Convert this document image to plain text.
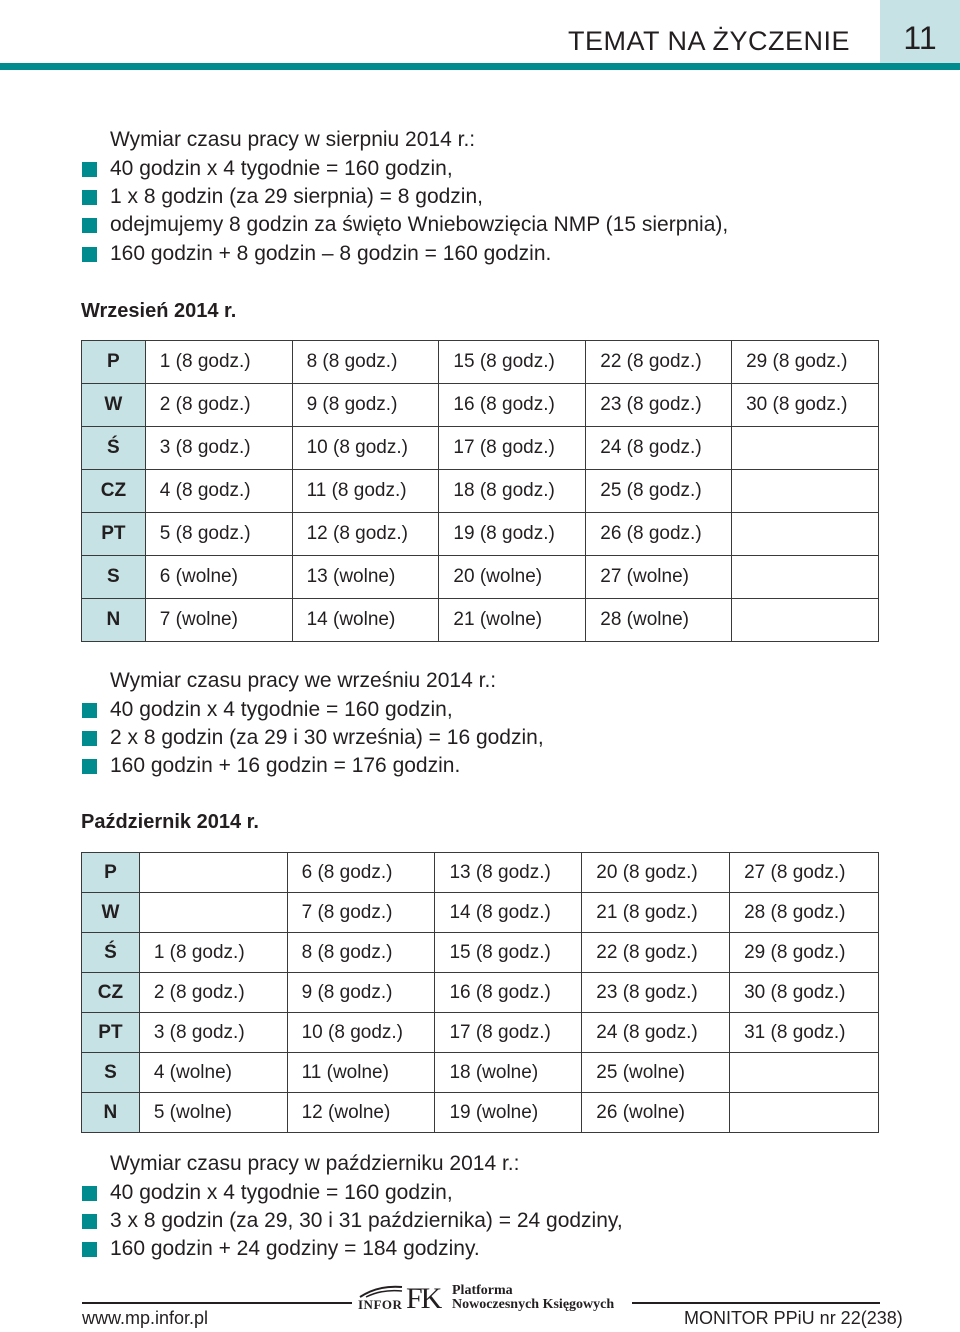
TEMAT NA ŻYCZENIE	11
Wymiar czasu pracy w sierpniu 2014 r.:
40 godzin x 4 tygodnie = 160 godzin,
1 x 8 godzin (za 29 sierpnia) = 8 godzin,
odejmujemy 8 godzin za święto Wniebowzięcia NMP (15 sierpnia),
160 godzin + 8 godzin – 8 godzin = 160 godzin.
Wrzesień 2014 r.
P	1 (8 godz.)	8 (8 godz.)	15 (8 godz.)	22 (8 godz.)	29 (8 godz.)
W	2 (8 godz.)	9 (8 godz.)	16 (8 godz.)	23 (8 godz.)	30 (8 godz.)
Ś	3 (8 godz.)	10 (8 godz.)	17 (8 godz.)	24 (8 godz.)	
CZ	4 (8 godz.)	11 (8 godz.)	18 (8 godz.)	25 (8 godz.)	
PT	5 (8 godz.)	12 (8 godz.)	19 (8 godz.)	26 (8 godz.)	
S	6 (wolne)	13 (wolne)	20 (wolne)	27 (wolne)	
N	7 (wolne)	14 (wolne)	21 (wolne)	28 (wolne)	
Wymiar czasu pracy we wrześniu 2014 r.:
40 godzin x 4 tygodnie = 160 godzin,
2 x 8 godzin (za 29 i 30 września) = 16 godzin,
160 godzin + 16 godzin = 176 godzin.
Październik 2014 r.
P		6 (8 godz.)	13 (8 godz.)	20 (8 godz.)	27 (8 godz.)
W		7 (8 godz.)	14 (8 godz.)	21 (8 godz.)	28 (8 godz.)
Ś	1 (8 godz.)	8 (8 godz.)	15 (8 godz.)	22 (8 godz.)	29 (8 godz.)
CZ	2 (8 godz.)	9 (8 godz.)	16 (8 godz.)	23 (8 godz.)	30 (8 godz.)
PT	3 (8 godz.)	10 (8 godz.)	17 (8 godz.)	24 (8 godz.)	31 (8 godz.)
S	4 (wolne)	11 (wolne)	18 (wolne)	25 (wolne)	
N	5 (wolne)	12 (wolne)	19 (wolne)	26 (wolne)	
Wymiar czasu pracy w październiku 2014 r.:
40 godzin x 4 tygodnie = 160 godzin,
3 x 8 godzin (za 29, 30 i 31 października) = 24 godziny,
160 godzin + 24 godziny = 184 godziny.
INFOR FK Platforma
Nowoczesnych Księgowych
www.mp.infor.pl	MONITOR PPiU nr 22(238)
